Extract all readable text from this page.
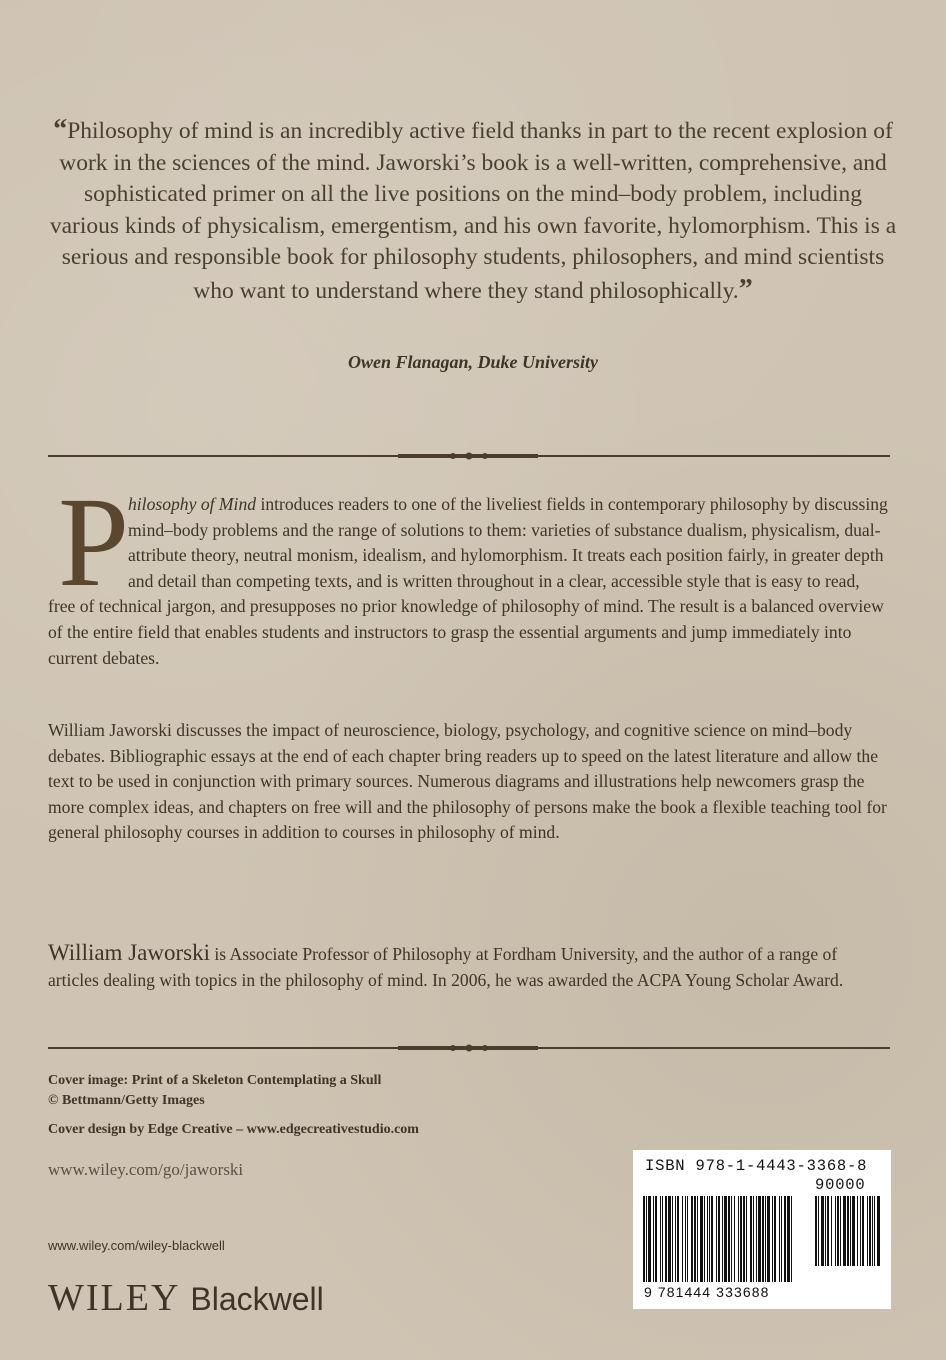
“Philosophy of mind is an incredibly active field thanks in part to the recent explosion of work in the sciences of the mind. Jaworski’s book is a well-written, comprehensive, and sophisticated primer on all the live positions on the mind–body problem, including various kinds of physicalism, emergentism, and his own favorite, hylomorphism. This is a serious and responsible book for philosophy students, philosophers, and mind scientists who want to understand where they stand philosophically.”
Owen Flanagan, Duke University
P
hilosophy of Mind introduces readers to one of the liveliest fields in contemporary philosophy by discussing mind–body problems and the range of solutions to them: varieties of substance dualism, physicalism, dual-attribute theory, neutral monism, idealism, and hylomorphism. It treats each position fairly, in greater depth and detail than competing texts, and is written throughout in a clear, accessible style that is easy to read, free of technical jargon, and presupposes no prior knowledge of philosophy of mind. The result is a balanced overview of the entire field that enables students and instructors to grasp the essential arguments and jump immediately into current debates.
William Jaworski discusses the impact of neuroscience, biology, psychology, and cognitive science on mind–body debates. Bibliographic essays at the end of each chapter bring readers up to speed on the latest literature and allow the text to be used in conjunction with primary sources. Numerous diagrams and illustrations help newcomers grasp the more complex ideas, and chapters on free will and the philosophy of persons make the book a flexible teaching tool for general philosophy courses in addition to courses in philosophy of mind.
William Jaworski is Associate Professor of Philosophy at Fordham University, and the author of a range of articles dealing with topics in the philosophy of mind. In 2006, he was awarded the ACPA Young Scholar Award.
Cover image: Print of a Skeleton Contemplating a Skull
© Bettmann/Getty Images
Cover design by Edge Creative – www.edgecreativestudio.com
www.wiley.com/go/jaworski
www.wiley.com/wiley-blackwell
WILEY Blackwell
ISBN 978-1-4443-3368-8
90000
9 781444 333688
